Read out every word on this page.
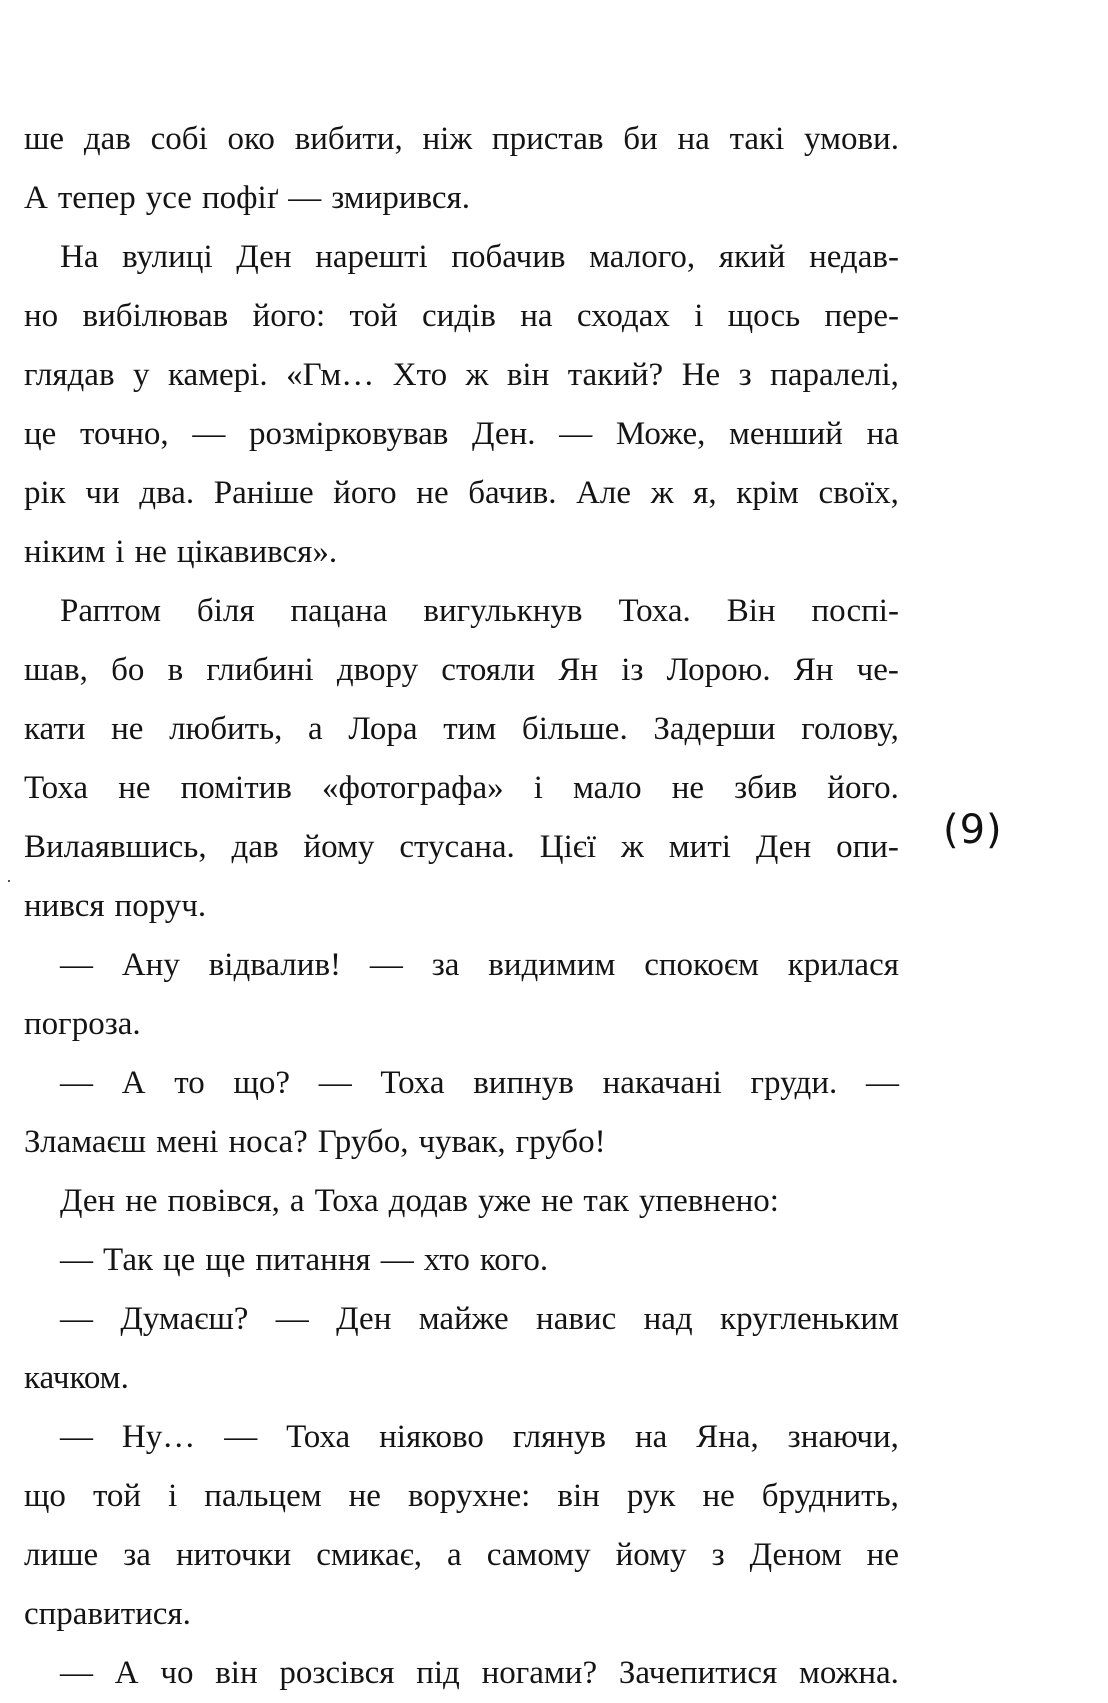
ше дав собі око вибити, ніж пристав би на такі умови.
А тепер усе пофіґ — змирився.
На вулиці Ден нарешті побачив малого, який недав-
но вибілював його: той сидів на сходах і щось пере-
глядав у камері. «Гм… Хто ж він такий? Не з паралелі,
це точно, — розмірковував Ден. — Може, менший на
рік чи два. Раніше його не бачив. Але ж я, крім своїх,
ніким і не цікавився».
Раптом біля пацана вигулькнув Тоха. Він поспі-
шав, бо в глибині двору стояли Ян із Лорою. Ян че-
кати не любить, а Лора тим більше. Задерши голову,
Тоха не помітив «фотографа» і мало не збив його.
Вилаявшись, дав йому стусана. Цієї ж миті Ден опи-
нився поруч.
— Ану відвалив! — за видимим спокоєм крилася
погроза.
— А то що? — Тоха випнув накачані груди. —
Зламаєш мені носа? Грубо, чувак, грубо!
Ден не повівся, а Тоха додав уже не так упевнено:
— Так це ще питання — хто кого.
— Думаєш? — Ден майже навис над кругленьким
качком.
— Ну… — Тоха ніяково глянув на Яна, знаючи,
що той і пальцем не ворухне: він рук не бруднить,
лише за ниточки смикає, а самому йому з Деном не
справитися.
— А чо він розсівся під ногами? Зачепитися можна.
(9)
